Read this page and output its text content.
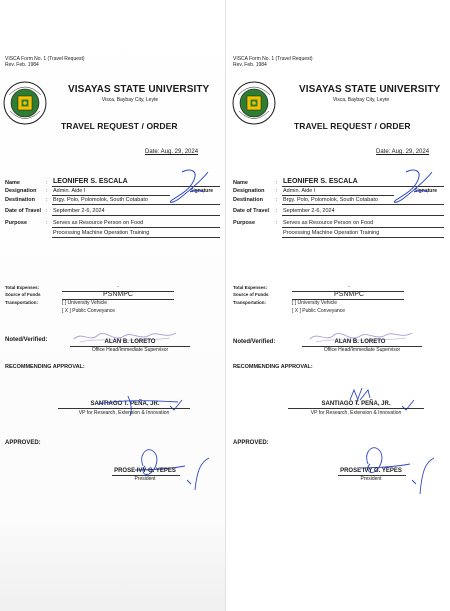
VISCA Form No. 1 (Travel Request)
Rev. Feb. 1984
VISAYAS STATE UNIVERSITY
Visca, Baybay City, Leyte
TRAVEL REQUEST / ORDER
Date: Aug. 29, 2024
Name	: LEONIFER S. ESCALA
Designation : Admin. Aide I	Signature
Destination : Brgy. Polo, Polomolok, South Cotabato
Date of Travel : September 2-6, 2024
Purpose	: Serves as Resource Person on Food
Processing Machine Operation Training
Total Expenses:	-
Source of Funds	PSNMPC
Transportation:	[ ] University Vehicle
[ X ] Public Conveyance
Noted/Verified:	ALAN B. LORETO
Office Head/Immediate Supervisor
RECOMMENDING APPROVAL:
SANTIAGO T. PEÑA, JR.
VP for Research, Extension & Innovation
APPROVED:
PROSE IVY G. YEPES
President
VISCA Form No. 1 (Travel Request)
Rev. Feb. 1984
VISAYAS STATE UNIVERSITY
Visca, Baybay City, Leyte
TRAVEL REQUEST / ORDER
Date: Aug. 29, 2024
Name	: LEONIFER S. ESCALA
Designation : Admin. Aide I	Signature
Destination : Brgy. Polo, Polomolok, South Cotabato
Date of Travel : September 2-6, 2024
Purpose	: Serves as Resource Person on Food
Processing Machine Operation Training
Total Expenses:	-
Source of Funds	PSNMPC
Transportation:	[ ] University Vehicle
[ X ] Public Conveyance
Noted/Verified:	ALAN B. LORETO
Office Head/Immediate Supervisor
RECOMMENDING APPROVAL:
SANTIAGO T. PEÑA, JR.
VP for Research, Extension & Innovation
APPROVED:
PROSE IVY G. YEPES
President
